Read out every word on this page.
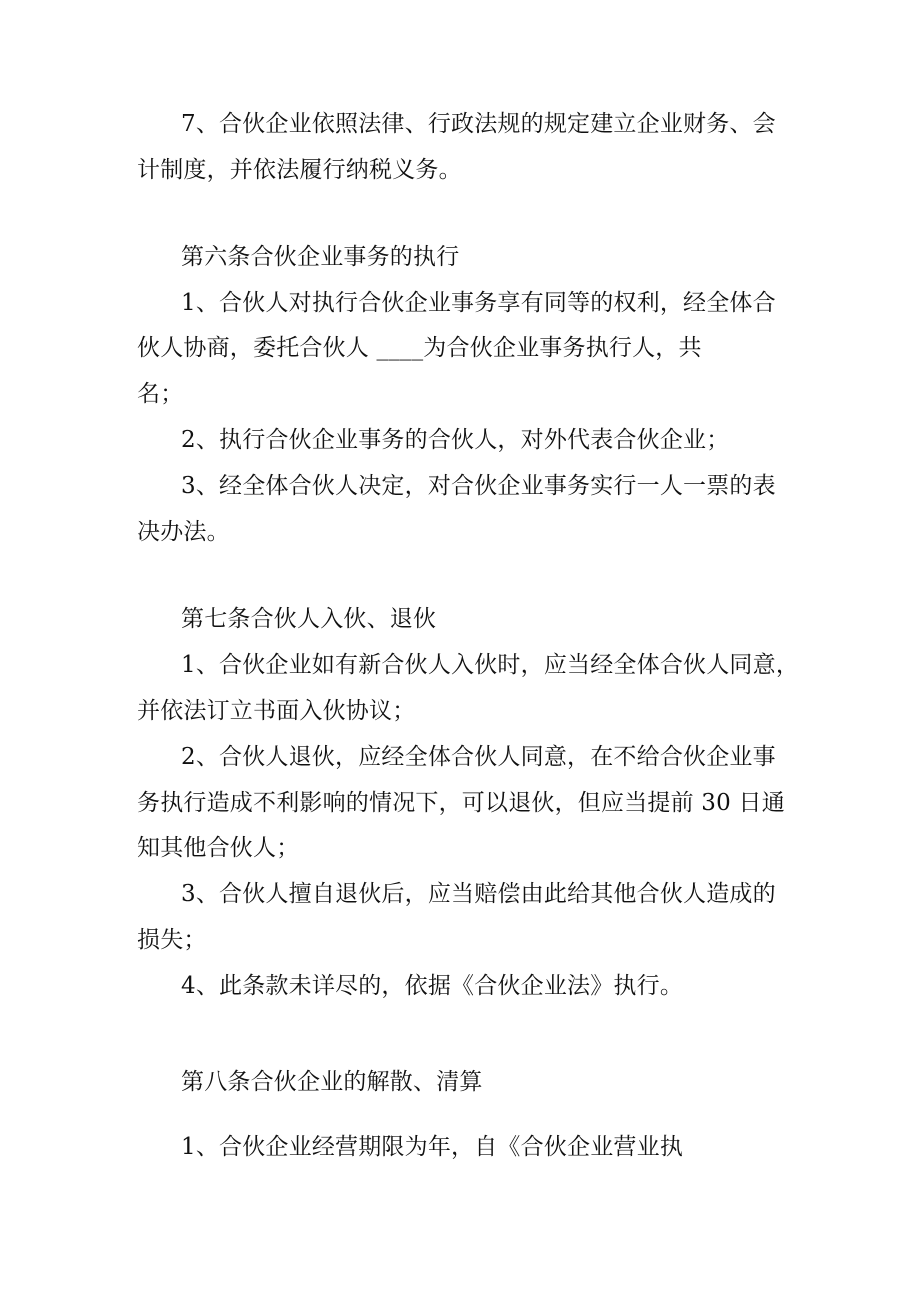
7、合伙企业依照法律、行政法规的规定建立企业财务、会

计制度，并依法履行纳税义务。

第六条合伙企业事务的执行

1、合伙人对执行合伙企业事务享有同等的权利，经全体合

伙人协商，委托合伙人 ____为合伙企业事务执行人，共

名；

2、执行合伙企业事务的合伙人，对外代表合伙企业；

3、经全体合伙人决定，对合伙企业事务实行一人一票的表

决办法。

第七条合伙人入伙、退伙

1、合伙企业如有新合伙人入伙时，应当经全体合伙人同意，

并依法订立书面入伙协议；

2、合伙人退伙，应经全体合伙人同意，在不给合伙企业事

务执行造成不利影响的情况下，可以退伙，但应当提前 30 日通

知其他合伙人；

3、合伙人擅自退伙后，应当赔偿由此给其他合伙人造成的

损失；

4、此条款未详尽的，依据《合伙企业法》执行。

第八条合伙企业的解散、清算

1、合伙企业经营期限为年，自《合伙企业营业执
